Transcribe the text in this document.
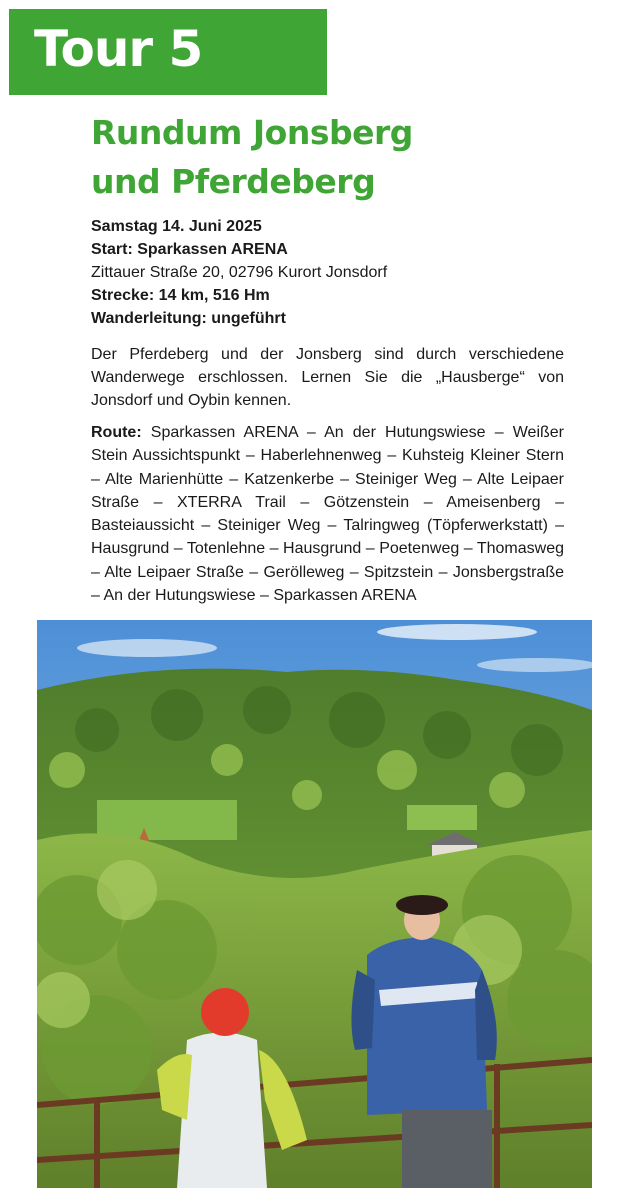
Tour 5
Rundum Jonsberg
und Pferdeberg
Samstag 14. Juni 2025
Start: Sparkassen ARENA
Zittauer Straße 20, 02796 Kurort Jonsdorf
Strecke: 14 km, 516 Hm
Wanderleitung: ungeführt

Der Pferdeberg und der Jonsberg sind durch verschiedene Wanderwege erschlossen. Lernen Sie die „Hausberge“ von Jonsdorf und Oybin kennen.

Route: Sparkassen ARENA – An der Hutungswiese – Weißer Stein Aussichtspunkt – Haberlehnenweg – Kuhsteig Kleiner Stern – Alte Marienhütte – Katzenkerbe – Steiniger Weg – Alte Leipaer Straße – XTERRA Trail – Götzenstein – Ameisenberg – Basteiaussicht – Steiniger Weg – Talringweg (Töpferwerkstatt) – Hausgrund – Totenlehne – Hausgrund – Poetenweg – Thomasweg – Alte Leipaer Straße – Gerölleweg – Spitzstein – Jonsbergstraße – An der Hutungswiese – Sparkassen ARENA
